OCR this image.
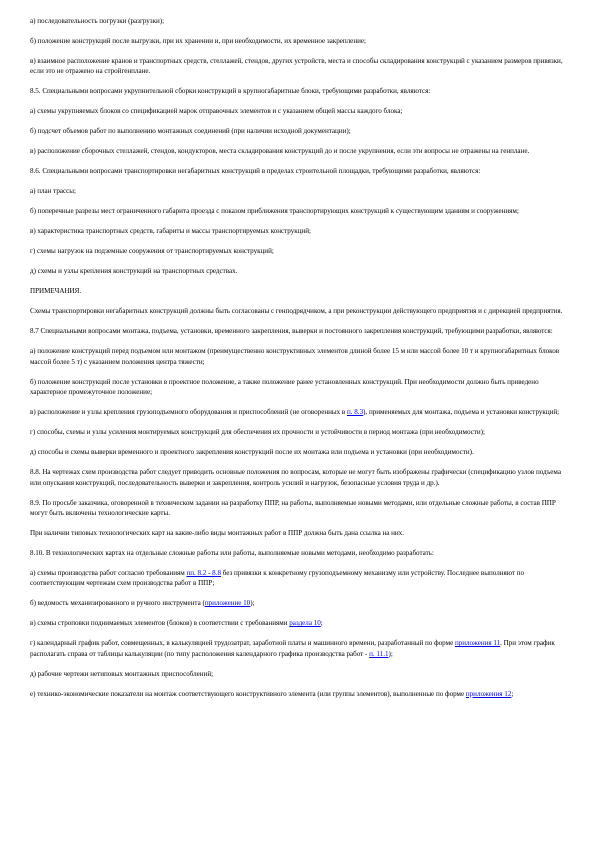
а) последовательность погрузки (разгрузки);

б) положение конструкций после выгрузки, при их хранении и, при необходимости, их временное закрепление;

в) взаимное расположение кранов и транспортных средств, стеллажей, стендов, других устройств, места и способы складирования конструкций с указанием размеров привязки, если это не отражено на стройгенплане.

8.5. Специальными вопросами укрупнительной сборки конструкций в крупногабаритные блоки, требующими разработки, являются:

а) схемы укрупняемых блоков со спецификацией марок отправочных элементов и с указанием общей массы каждого блока;

б) подсчет объемов работ по выполнению монтажных соединений (при наличии исходной документации);

в) расположение сборочных стеллажей, стендов, кондукторов, места складирования конструкций до и после укрупнения, если эти вопросы не отражены на генплане.

8.6. Специальными вопросами транспортировки негабаритных конструкций в пределах строительной площадки, требующими разработки, являются:

а) план трассы;

б) поперечные разрезы мест ограниченного габарита проезда с показом приближения транспортирующих конструкций к существующим зданиям и сооружениям;

в) характеристика транспортных средств, габариты и массы транспортируемых конструкций;

г) схемы нагрузок на подземные сооружения от транспортируемых конструкций;

д) схемы и узлы крепления конструкций на транспортных средствах.

ПРИМЕЧАНИЯ.

Схемы транспортировки негабаритных конструкций должны быть согласованы с генподрядчиком, а при реконструкции действующего предприятия и с дирекцией предприятия.

8.7 Специальными вопросами монтажа, подъема, установки, временного закрепления, выверки и постоянного закрепления конструкций, требующими разработки, являются:

а) положение конструкций перед подъемом или монтажом (преимущественно конструктивных элементов длиной более 15 м или массой более 10 т и крупногабаритных блоков массой более 5 т) с указанием положения центра тяжести;

б) положение конструкций после установки в проектное положение, а также положение ранее установленных конструкций. При необходимости должно быть приведено характерное промежуточное положение;

в) расположение и узлы крепления грузоподъемного оборудования и приспособлений (не оговоренных в п. 8.3), применяемых для монтажа, подъема и установки конструкций;

г) способы, схемы и узлы усиления монтируемых конструкций для обеспечения их прочности и устойчивости в период монтажа (при необходимости);

д) способы и схемы выверки временного и проектного закрепления конструкций после их монтажа или подъема и установки (при необходимости).

8.8. На чертежах схем производства работ следует приводить основные положения по вопросам, которые не могут быть изображены графически (спецификацию узлов подъема или опускания конструкций, последовательность выверки и закрепления, контроль усилий и нагрузок, безопасные условия труда и др.).

8.9. По просьбе заказчика, оговоренной в техническом задании на разработку ППР, на работы, выполняемые новыми методами, или отдельные сложные работы, в состав ППР могут быть включены технологические карты.

При наличии типовых технологических карт на какие-либо виды монтажных работ в ППР должна быть дана ссылка на них.

8.10. В технологических картах на отдельные сложные работы или работы, выполняемые новыми методами, необходимо разработать:

а) схемы производства работ согласно требованиям пп. 8.2 - 8.8 без привязки к конкретному грузоподъемному механизму или устройству. Последнее выполняют по соответствующим чертежам схем производства работ в ППР;

б) ведомость механизированного и ручного инструмента (приложение 10);

в) схемы строповки поднимаемых элементов (блоков) в соответствии с требованиями раздела 10;

г) календарный график работ, совмещенных, в калькуляцией трудозатрат, заработной платы и машинного времени, разработанный по форме приложения 11. При этом график располагать справа от таблицы калькуляции (по типу расположения календарного графика производства работ - п. 11.1);

д) рабочие чертежи нетиповых монтажных приспособлений;

е) технико-экономические показатели на монтаж соответствующего конструктивного элемента (или группы элементов), выполненные по форме приложения 12;
